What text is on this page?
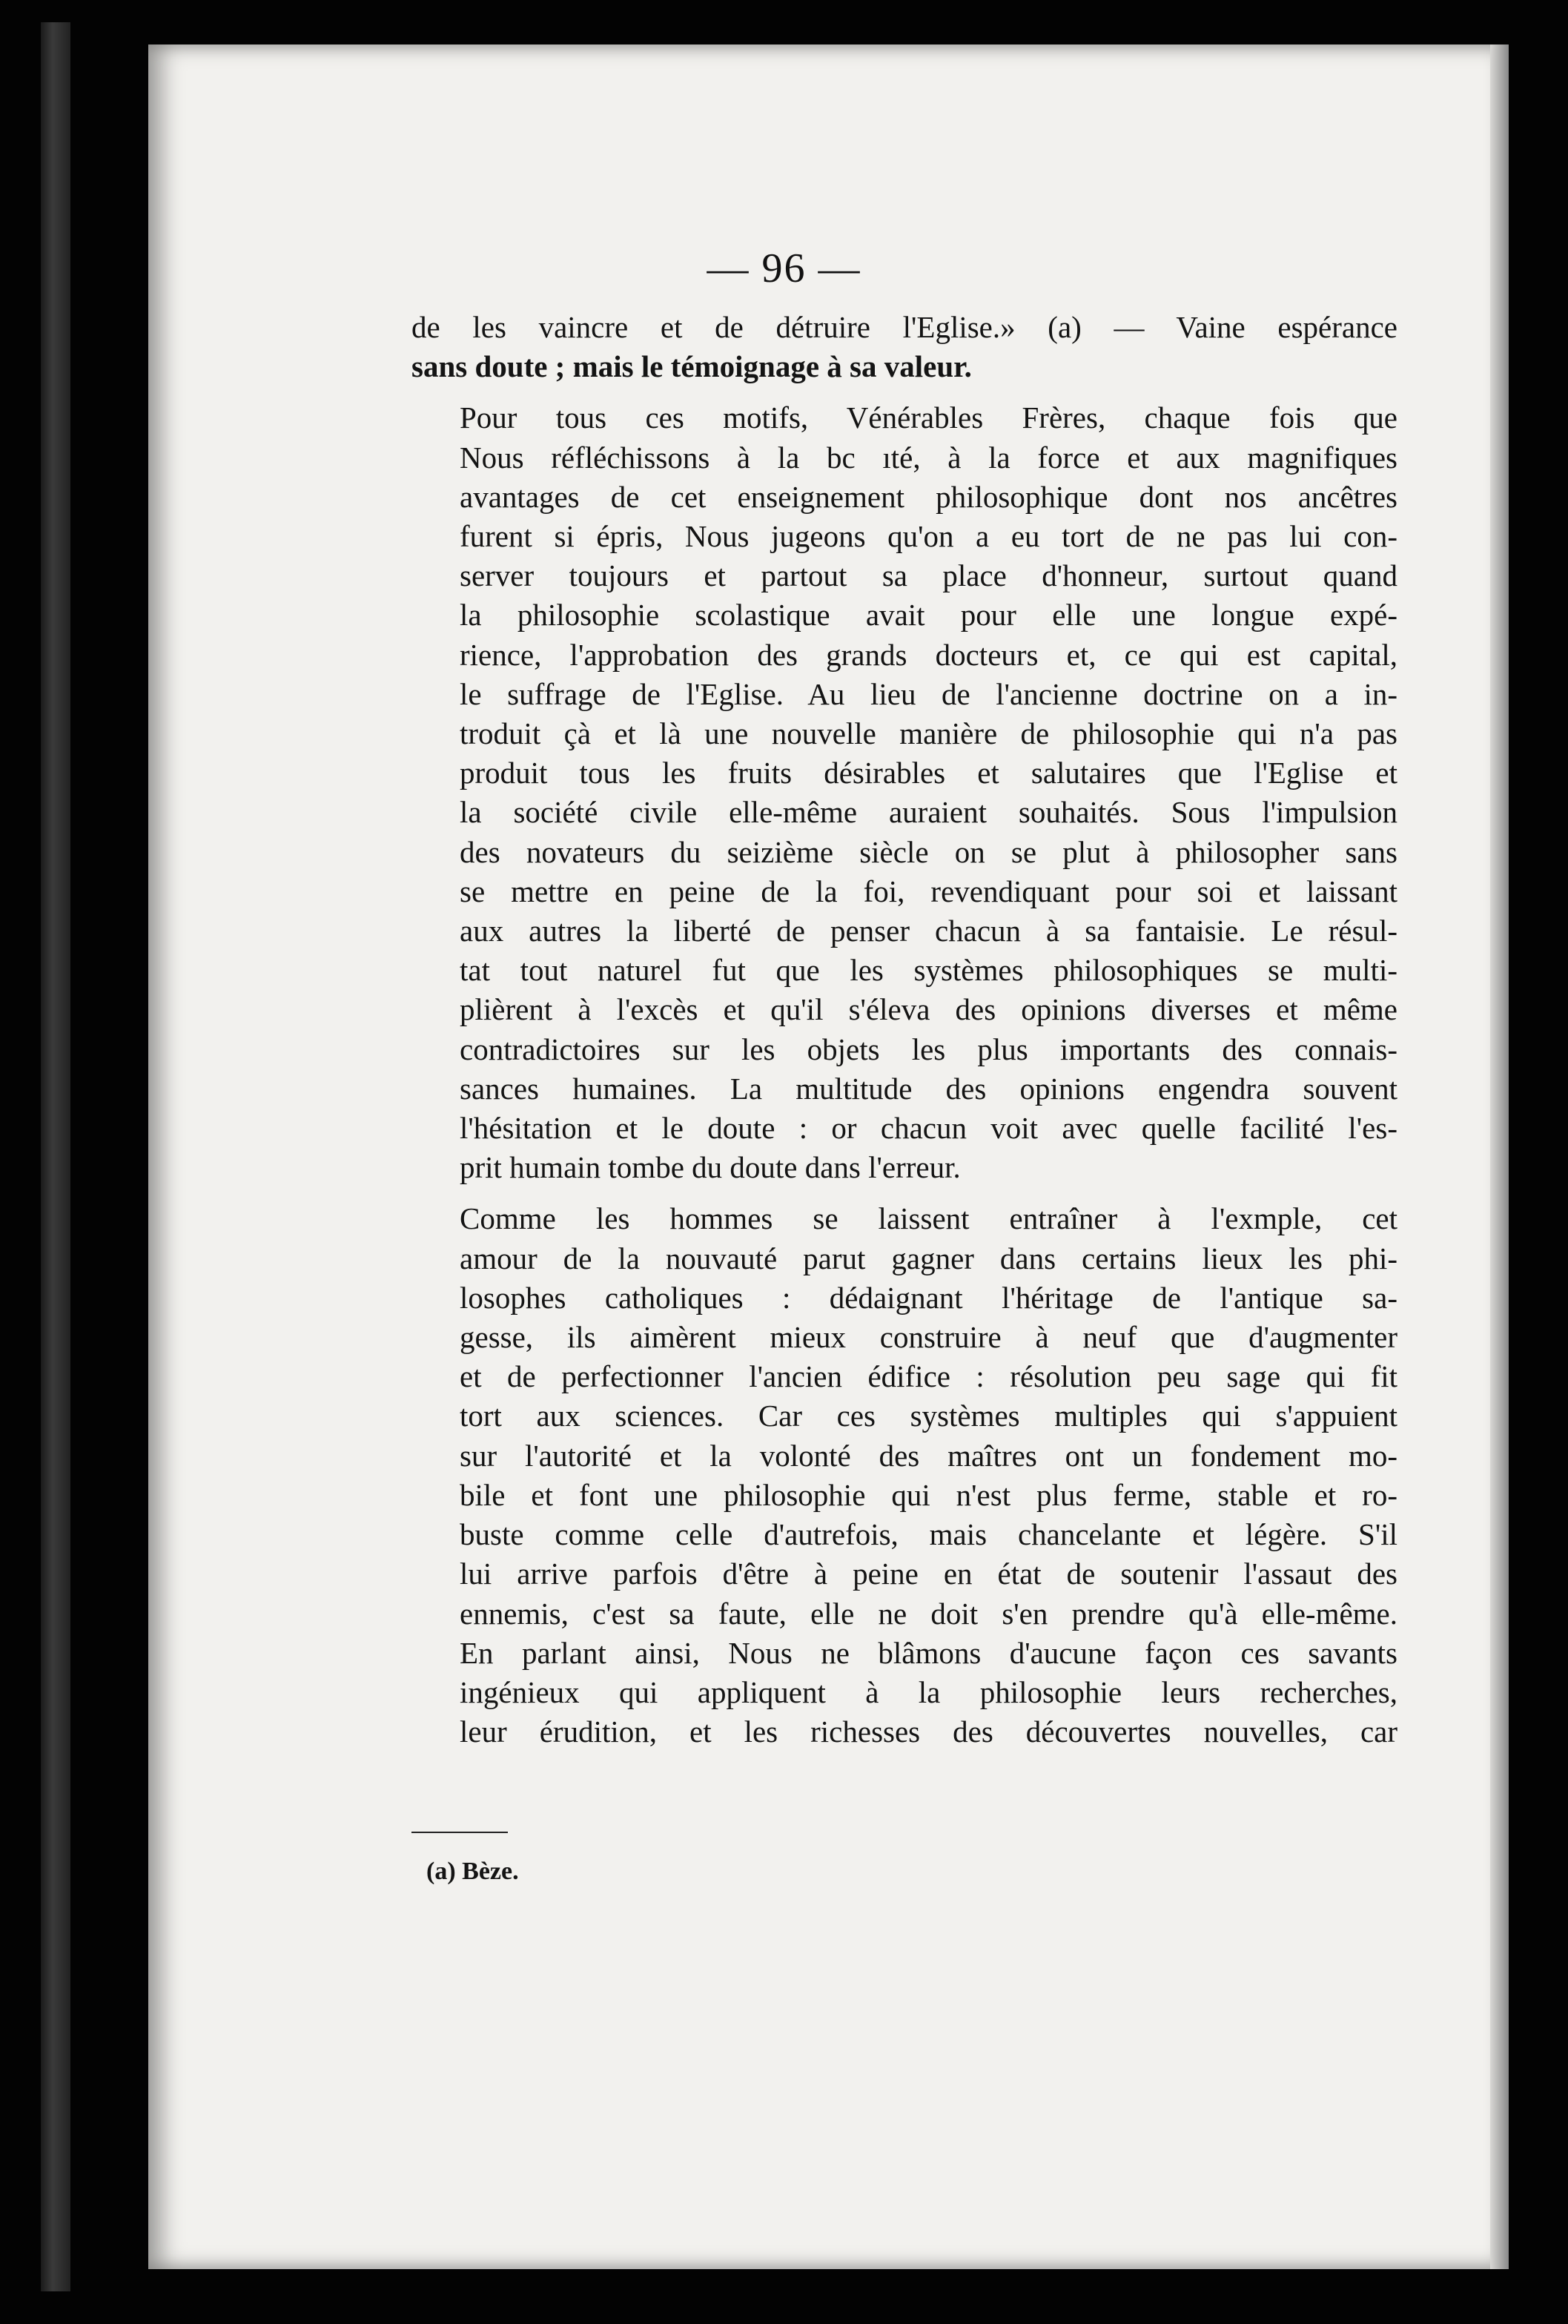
— 96 —
de les vaincre et de détruire l'Eglise.» (a) — Vaine espérance
sans doute ; mais le témoignage à sa valeur.
Pour tous ces motifs, Vénérables Frères, chaque fois que
Nous réfléchissons à la bc ıté, à la force et aux magnifiques
avantages de cet enseignement philosophique dont nos ancêtres
furent si épris, Nous jugeons qu'on a eu tort de ne pas lui con-
server toujours et partout sa place d'honneur, surtout quand
la philosophie scolastique avait pour elle une longue expé-
rience, l'approbation des grands docteurs et, ce qui est capital,
le suffrage de l'Eglise. Au lieu de l'ancienne doctrine on a in-
troduit çà et là une nouvelle manière de philosophie qui n'a pas
produit tous les fruits désirables et salutaires que l'Eglise et
la société civile elle-même auraient souhaités. Sous l'impulsion
des novateurs du seizième siècle on se plut à philosopher sans
se mettre en peine de la foi, revendiquant pour soi et laissant
aux autres la liberté de penser chacun à sa fantaisie. Le résul-
tat tout naturel fut que les systèmes philosophiques se multi-
plièrent à l'excès et qu'il s'éleva des opinions diverses et même
contradictoires sur les objets les plus importants des connais-
sances humaines. La multitude des opinions engendra souvent
l'hésitation et le doute : or chacun voit avec quelle facilité l'es-
prit humain tombe du doute dans l'erreur.
Comme les hommes se laissent entraîner à l'exmple, cet
amour de la nouvauté parut gagner dans certains lieux les phi-
losophes catholiques : dédaignant l'héritage de l'antique sa-
gesse, ils aimèrent mieux construire à neuf que d'augmenter
et de perfectionner l'ancien édifice : résolution peu sage qui fit
tort aux sciences. Car ces systèmes multiples qui s'appuient
sur l'autorité et la volonté des maîtres ont un fondement mo-
bile et font une philosophie qui n'est plus ferme, stable et ro-
buste comme celle d'autrefois, mais chancelante et légère. S'il
lui arrive parfois d'être à peine en état de soutenir l'assaut des
ennemis, c'est sa faute, elle ne doit s'en prendre qu'à elle-même.
En parlant ainsi, Nous ne blâmons d'aucune façon ces savants
ingénieux qui appliquent à la philosophie leurs recherches,
leur érudition, et les richesses des découvertes nouvelles, car
(a) Bèze.
